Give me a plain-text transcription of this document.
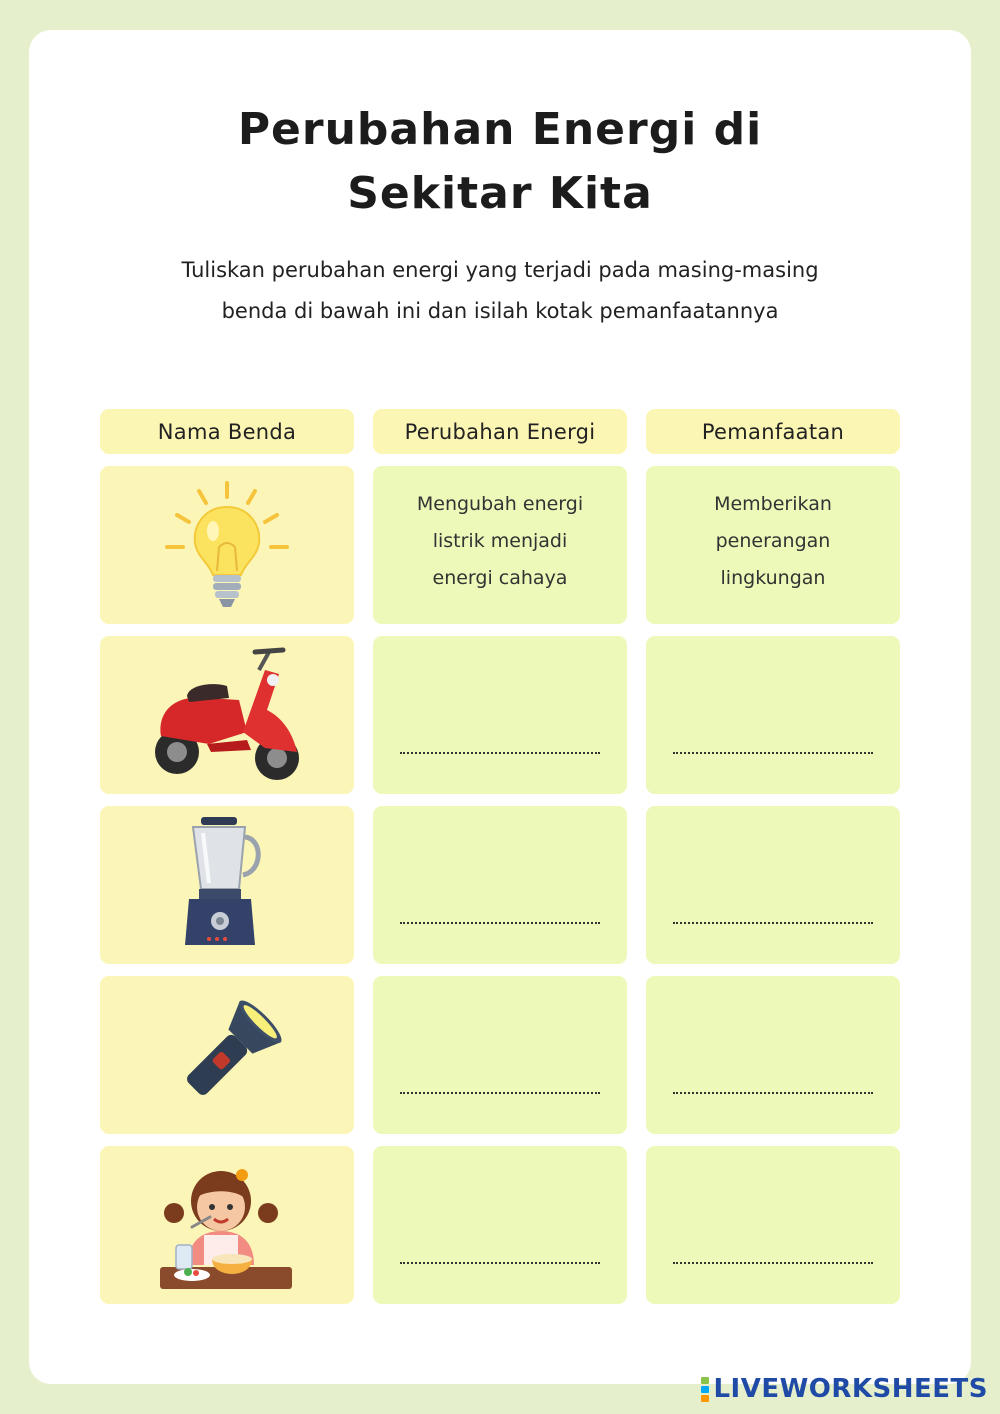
Perubahan Energi di
Sekitar Kita
Tuliskan perubahan energi yang terjadi pada masing-masing
benda di bawah ini dan isilah kotak pemanfaatannya
Nama Benda	Perubahan Energi	Pemanfaatan
Mengubah energi
listrik menjadi
energi cahaya
Memberikan
penerangan
lingkungan
LIVEWORKSHEETS
